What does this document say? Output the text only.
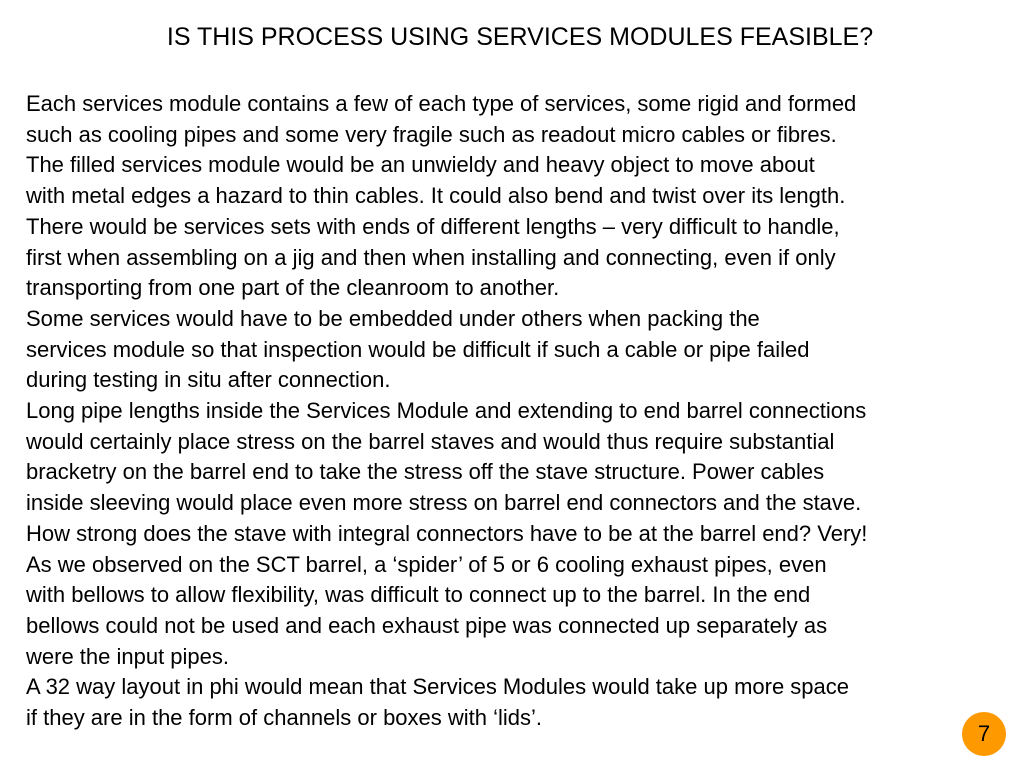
IS THIS PROCESS USING SERVICES MODULES FEASIBLE?
Each services module contains a few of each type of services, some rigid and formed
such as cooling pipes and some very fragile such as readout micro cables or fibres.
The filled services module would be an unwieldy and heavy object to move about
with metal edges a hazard to thin cables. It could also bend and twist over its length.
There would be services sets with ends of different lengths – very difficult to handle,
first when assembling on a jig and then when installing and connecting, even if only
transporting from one part of the cleanroom to another.
Some services would have to be embedded under others when packing the
services module so that inspection would be difficult if such a cable or pipe failed
during testing in situ after connection.
Long pipe lengths inside the Services Module and extending to end barrel connections
would certainly place stress on the barrel staves and would thus require substantial
bracketry on the barrel end to take the stress off the stave structure. Power cables
inside sleeving would place even more stress on barrel end connectors and the stave.
How strong does the stave with integral connectors have to be at the barrel end? Very!
As we observed on the SCT barrel, a ‘spider’ of 5 or 6 cooling exhaust pipes, even
with bellows to allow flexibility, was difficult to connect up to the barrel. In the end
bellows could not be used and each exhaust pipe was connected up separately as
were the input pipes.
A 32 way layout in phi would mean that Services Modules would take up more space
if they are in the form of channels or boxes with ‘lids’.
7
